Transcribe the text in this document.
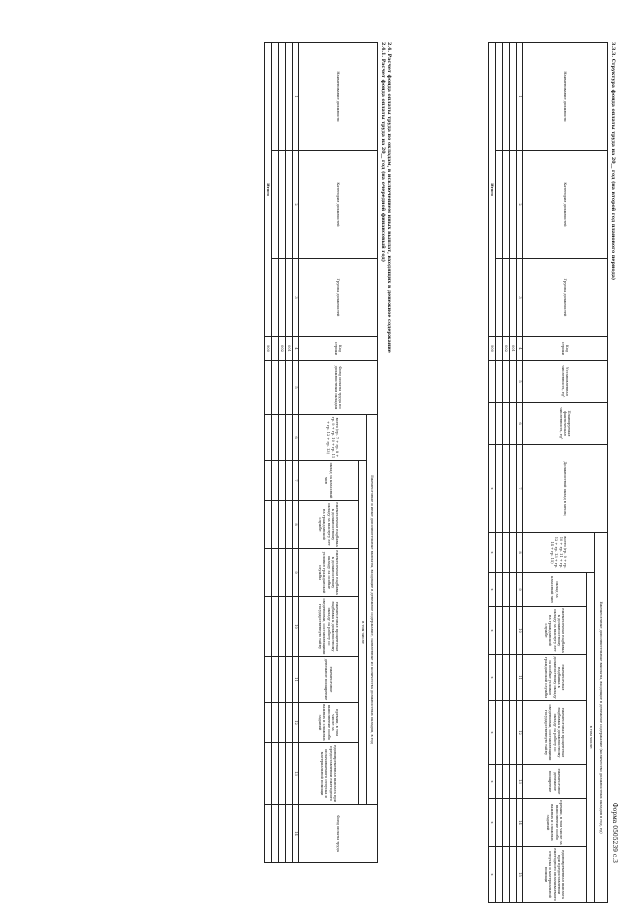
Форма 0505239 с.3
3.3.3. Структура фонда оплаты труда на 20__ год (на второй год планового периода)
Наименование должности	Категория должностей	Группа должностей	Код строки	Установленная численность, ед¹	Планируемая фактическая численность, ед¹	Должностной оклад в месяц	Ежемесячные дополнительные выплаты, входящие в денежное содержание (количество должностных окладов в год, ед)							
							всего (гр. 9 + гр. 10 + гр. 11 + гр. 12 + гр. 13 + гр. 14 + гр. 15)	в том числе:						
								оклад за классный чин	ежемесячная надбавка к должностному окладу за выслугу лет на гражданской службе	ежемесячная надбавка к должностному окладу за особые условия гражданской службы	ежемесячная процентная надбавка к должностному окладу за работу со сведениями, составляющими государственную тайну	ежемесячное денежное поощрение	премии, в том числе за выполнение особо важных и сложных заданий	единовременная выплата при предоставлении ежегодного оплачиваемого отпуска и материальной помощи
1	2	3	4	5	6	7	8	9	10	11	12	13	14	15
			001											
			002											

Итого			900			x	x	x	x	x	x	x	x	x
2.4. Расчет фонда оплаты труда по окладам, в исключением иных выплат, входящих в денежное содержание
2.4.1. Расчет фонда оплаты труда на 20__ год (на очередной финансовый год)
Наименование должности	Категория должностей	Группа должностей	Код строки	Фонд оплаты труда по должностным окладам	Ежемесячные и иные дополнительные выплаты, входящие в денежное содержание, заявленные из количества должностных окладов, в год								Фонд оплаты труда
					всего (гр. 7 + гр. 8 + гр. 9 + гр. 10 + гр. 11 + гр. 12 + гр. 13)	в том числе							
						оклад за классный чин	ежемесячная надбавка к должностному окладу за выслугу лет на гражданской службе	ежемесячная надбавка к должностному окладу за особые условия гражданской службы	ежемесячная процентная надбавка к должностному окладу за работу со сведениями, составляющими государственную тайну	ежемесячное денежное поощрение	премии, в том числе за выполнение особо важных и сложных заданий	единовременная выплата при предоставлении ежегодного оплачиваемого отпуска и материальной помощи	
1	2	3	4	5	6	7	8	9	10	11	12	13	14
			001										
			002										

Итого			900										
